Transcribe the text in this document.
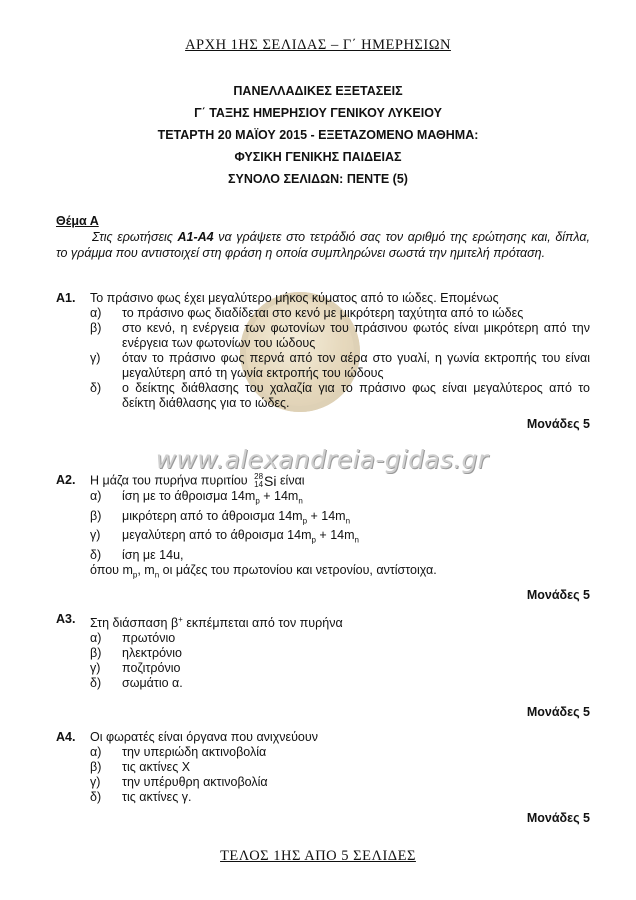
ΑΡΧΗ 1ΗΣ ΣΕΛΙΔΑΣ – Γ΄ ΗΜΕΡΗΣΙΩΝ
ΠΑΝΕΛΛΑΔΙΚΕΣ ΕΞΕΤΑΣΕΙΣ
Γ΄ ΤΑΞΗΣ ΗΜΕΡΗΣΙΟΥ ΓΕΝΙΚΟΥ ΛΥΚΕΙΟΥ
ΤΕΤΑΡΤΗ 20 ΜΑΪΟΥ 2015 - ΕΞΕΤΑΖΟΜΕΝΟ ΜΑΘΗΜΑ:
ΦΥΣΙΚΗ ΓΕΝΙΚΗΣ ΠΑΙΔΕΙΑΣ
ΣΥΝΟΛΟ ΣΕΛΙΔΩΝ: ΠΕΝΤΕ (5)
Θέμα Α
Στις ερωτήσεις Α1-Α4 να γράψετε στο τετράδιό σας τον αριθμό της ερώτησης και, δίπλα, το γράμμα που αντιστοιχεί στη φράση η οποία συμπληρώνει σωστά την ημιτελή πρόταση.
Α1.	Το πράσινο φως έχει μεγαλύτερο μήκος κύματος από το ιώδες. Επομένως
α)	το πράσινο φως διαδίδεται στο κενό με μικρότερη ταχύτητα από το ιώδες
β)	στο κενό, η ενέργεια των φωτονίων του πράσινου φωτός είναι μικρότερη από την ενέργεια των φωτονίων του ιώδους
γ)	όταν το πράσινο φως περνά από τον αέρα στο γυαλί, η γωνία εκτροπής του είναι μεγαλύτερη από τη γωνία εκτροπής του ιώδους
δ)	ο δείκτης διάθλασης του χαλαζία για το πράσινο φως είναι μεγαλύτερος από το δείκτη διάθλασης για το ιώδες.
Μονάδες 5
www.alexandreia-gidas.gr
Α2.	Η μάζα του πυρήνα πυριτίου 28
14 Si είναι
α)	ίση με το άθροισμα $14m_p + 14m_n$
β)	μικρότερη από το άθροισμα $14m_p + 14m_n$
γ)	μεγαλύτερη από το άθροισμα $14m_p + 14m_n$
δ)	ίση με 14u,
όπου $m_p$, $m_n$ οι μάζες του πρωτονίου και νετρονίου, αντίστοιχα.
Μονάδες 5
Α3.	Στη διάσπαση β+ εκπέμπεται από τον πυρήνα
α)	πρωτόνιο
β)	ηλεκτρόνιο
γ)	ποζιτρόνιο
δ)	σωμάτιο α.
Μονάδες 5
Α4.	Οι φωρατές είναι όργανα που ανιχνεύουν
α)	την υπεριώδη ακτινοβολία
β)	τις ακτίνες Χ
γ)	την υπέρυθρη ακτινοβολία
δ)	τις ακτίνες γ.
Μονάδες 5
ΤΕΛΟΣ 1ΗΣ ΑΠΟ 5 ΣΕΛΙΔΕΣ
